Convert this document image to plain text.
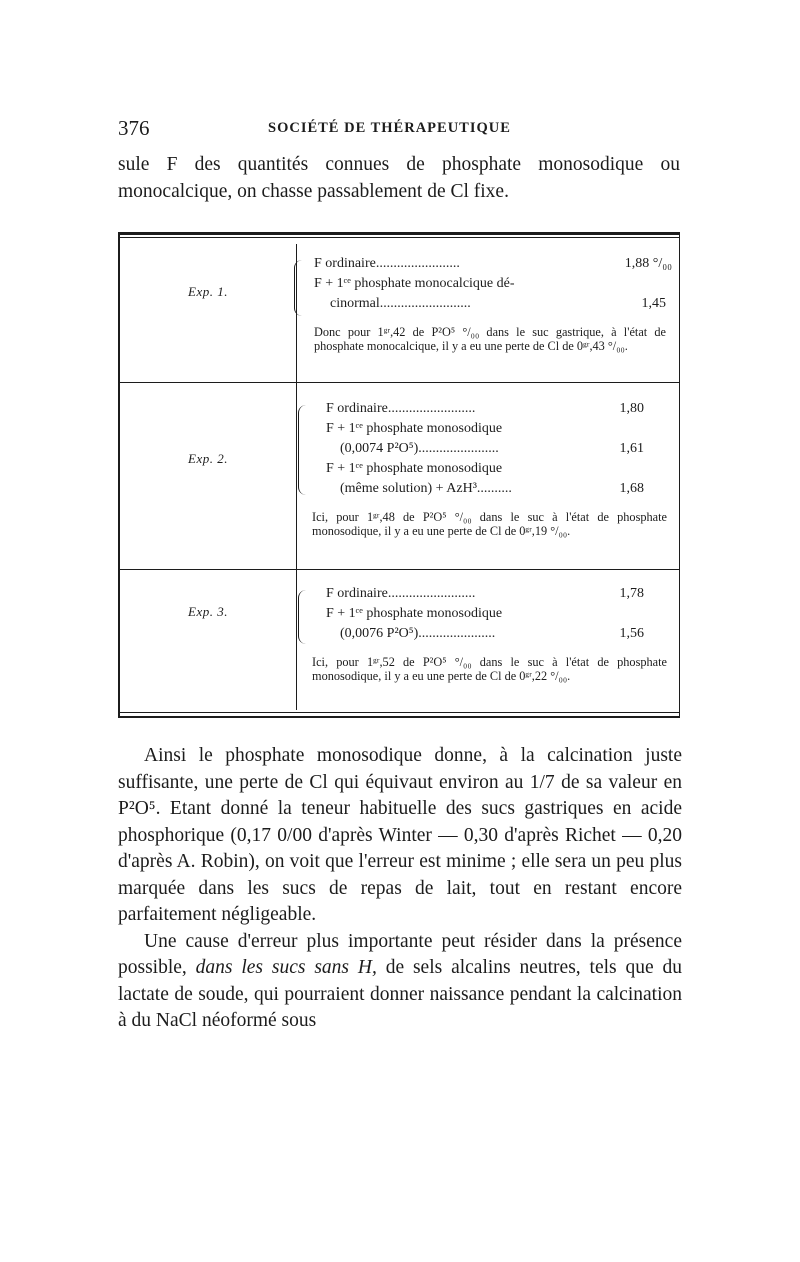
376	SOCIÉTÉ DE THÉRAPEUTIQUE
sule F des quantités connues de phosphate monosodique ou monocalcique, on chasse passablement de Cl fixe.
Exp. 1.
F ordinaire........................	1,88 °/₀₀
F + 1ᶜᵉ phosphate monocalcique dé-
cinormal..........................	1,45
Donc pour 1ᵍʳ,42 de P²O⁵ °/₀₀ dans le suc gastrique, à l'état de phosphate monocalcique, il y a eu une perte de Cl de 0ᵍʳ,43 °/₀₀.
Exp. 2.
F ordinaire.........................	1,80
F + 1ᶜᵉ phosphate monosodique
(0,0074 P²O⁵).......................	1,61
F + 1ᶜᵉ phosphate monosodique
(même solution) + AzH³..........	1,68
Ici, pour 1ᵍʳ,48 de P²O⁵ °/₀₀ dans le suc à l'état de phosphate monosodique, il y a eu une perte de Cl de 0ᵍʳ,19 °/₀₀.
Exp. 3.
F ordinaire.........................	1,78
F + 1ᶜᵉ phosphate monosodique
(0,0076 P²O⁵)......................	1,56
Ici, pour 1ᵍʳ,52 de P²O⁵ °/₀₀ dans le suc à l'état de phosphate monosodique, il y a eu une perte de Cl de 0ᵍʳ,22 °/₀₀.

Ainsi le phosphate monosodique donne, à la calcination juste suffisante, une perte de Cl qui équivaut environ au 1/7 de sa valeur en P²O⁵. Etant donné la teneur habituelle des sucs gastriques en acide phosphorique (0,17 0/00 d'après Winter — 0,30 d'après Richet — 0,20 d'après A. Robin), on voit que l'erreur est minime ; elle sera un peu plus marquée dans les sucs de repas de lait, tout en restant encore parfaitement négligeable.

Une cause d'erreur plus importante peut résider dans la présence possible, dans les sucs sans H, de sels alcalins neutres, tels que du lactate de soude, qui pourraient donner naissance pendant la calcination à du NaCl néoformé sous
